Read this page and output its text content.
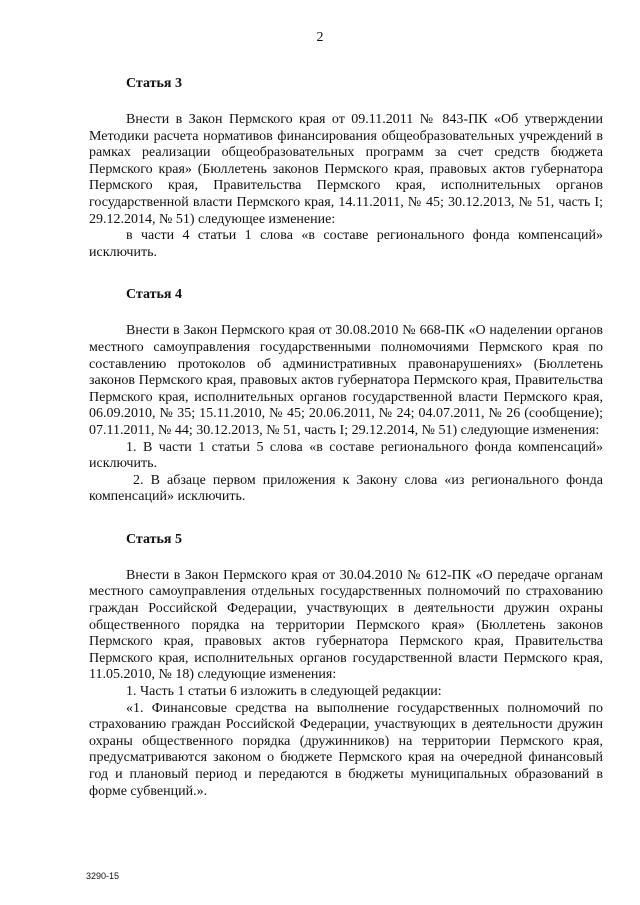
2
Статья 3

Внести в Закон Пермского края от 09.11.2011 № 843-ПК «Об утверждении Методики расчета нормативов финансирования общеобразовательных учреждений в рамках реализации общеобразовательных программ за счет средств бюджета Пермского края» (Бюллетень законов Пермского края, правовых актов губернатора Пермского края, Правительства Пермского края, исполнительных органов государственной власти Пермского края, 14.11.2011, № 45; 30.12.2013, № 51, часть I; 29.12.2014, № 51) следующее изменение:

в части 4 статьи 1 слова «в составе регионального фонда компенсаций» исключить.

Статья 4

Внести в Закон Пермского края от 30.08.2010 № 668-ПК «О наделении органов местного самоуправления государственными полномочиями Пермского края по составлению протоколов об административных правонарушениях» (Бюллетень законов Пермского края, правовых актов губернатора Пермского края, Правительства Пермского края, исполнительных органов государственной власти Пермского края, 06.09.2010, № 35; 15.11.2010, № 45; 20.06.2011, № 24; 04.07.2011, № 26 (сообщение); 07.11.2011, № 44; 30.12.2013, № 51, часть I; 29.12.2014, № 51) следующие изменения:

1. В части 1 статьи 5 слова «в составе регионального фонда компенсаций» исключить.

2. В абзаце первом приложения к Закону слова «из регионального фонда компенсаций» исключить.

Статья 5

Внести в Закон Пермского края от 30.04.2010 № 612-ПК «О передаче органам местного самоуправления отдельных государственных полномочий по страхованию граждан Российской Федерации, участвующих в деятельности дружин охраны общественного порядка на территории Пермского края» (Бюллетень законов Пермского края, правовых актов губернатора Пермского края, Правительства Пермского края, исполнительных органов государственной власти Пермского края, 11.05.2010, № 18) следующие изменения:

1. Часть 1 статьи 6 изложить в следующей редакции:

«1. Финансовые средства на выполнение государственных полномочий по страхованию граждан Российской Федерации, участвующих в деятельности дружин охраны общественного порядка (дружинников) на территории Пермского края, предусматриваются законом о бюджете Пермского края на очередной финансовый год и плановый период и передаются в бюджеты муниципальных образований в форме субвенций.».

3290-15
